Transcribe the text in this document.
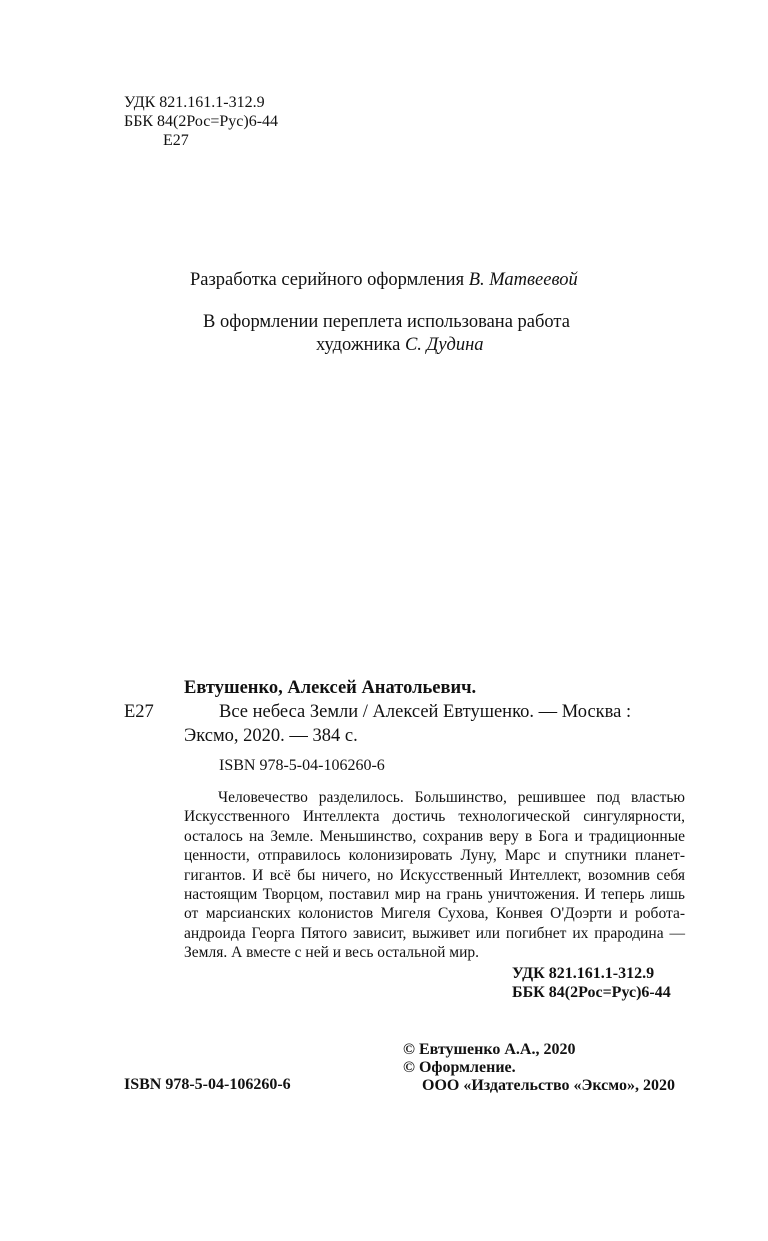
УДК 821.161.1-312.9
ББК 84(2Рос=Рус)6-44
Е27
Разработка серийного оформления В. Матвеевой
В оформлении переплета использована работа
художника С. Дудина
Евтушенко, Алексей Анатольевич.
Е27	Все небеса Земли / Алексей Евтушенко. — Москва :
Эксмо, 2020. — 384 с.
ISBN 978-5-04-106260-6

Человечество разделилось. Большинство, решившее под властью Искусственного Интеллекта достичь технологической сингулярности, осталось на Земле. Меньшинство, сохранив веру в Бога и традиционные ценности, отправилось колонизировать Луну, Марс и спутники планет-гигантов. И всё бы ничего, но Искусственный Интеллект, возомнив себя настоящим Творцом, поставил мир на грань уничтожения. И теперь лишь от марсианских колонистов Мигеля Сухова, Конвея О'Доэрти и робота-андроида Георга Пятого зависит, выживет или погибнет их прародина — Земля. А вместе с ней и весь остальной мир.

УДК 821.161.1-312.9
ББК 84(2Рос=Рус)6-44
ISBN 978-5-04-106260-6
© Евтушенко А.А., 2020
© Оформление.
ООО «Издательство «Эксмо», 2020
